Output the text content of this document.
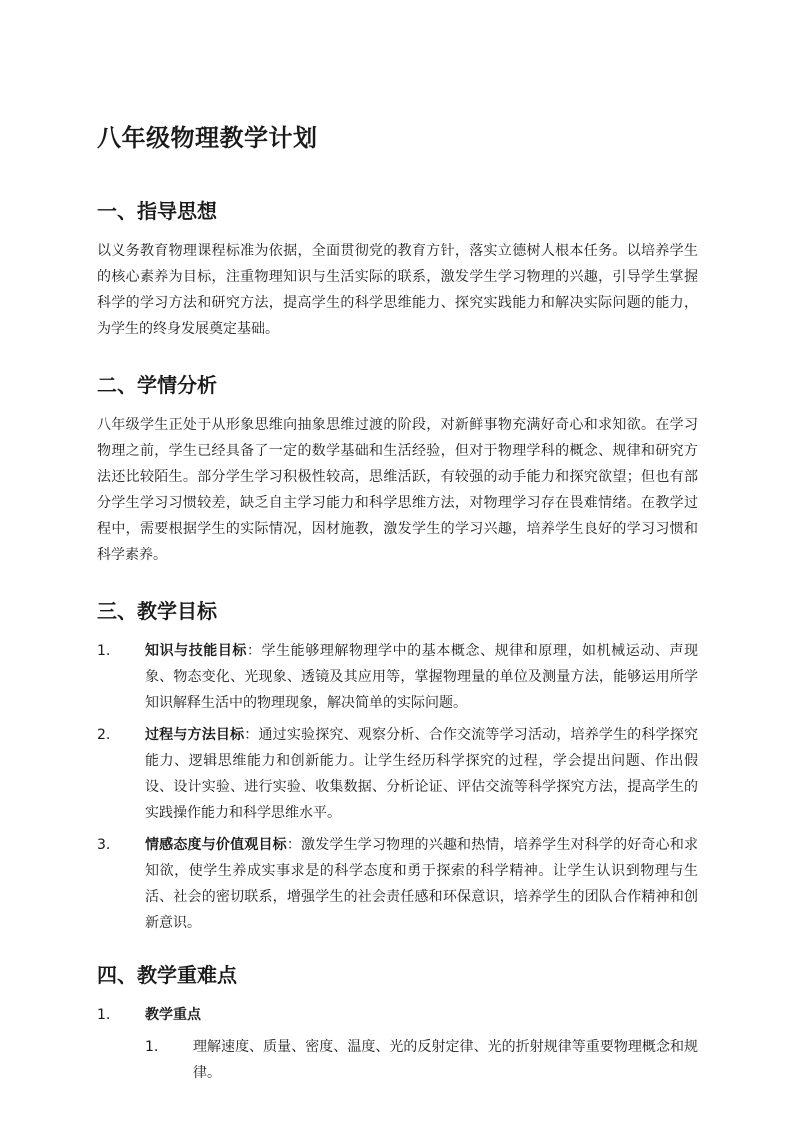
八年级物理教学计划
一、指导思想

以义务教育物理课程标准为依据，全面贯彻党的教育方针，落实立德树人根本任务。以培养学生的核心素养为目标，注重物理知识与生活实际的联系，激发学生学习物理的兴趣，引导学生掌握科学的学习方法和研究方法，提高学生的科学思维能力、探究实践能力和解决实际问题的能力，为学生的终身发展奠定基础。

二、学情分析

八年级学生正处于从形象思维向抽象思维过渡的阶段，对新鲜事物充满好奇心和求知欲。在学习物理之前，学生已经具备了一定的数学基础和生活经验，但对于物理学科的概念、规律和研究方法还比较陌生。部分学生学习积极性较高，思维活跃，有较强的动手能力和探究欲望；但也有部分学生学习习惯较差，缺乏自主学习能力和科学思维方法，对物理学习存在畏难情绪。在教学过程中，需要根据学生的实际情况，因材施教，激发学生的学习兴趣，培养学生良好的学习习惯和科学素养。

三、教学目标
1. 知识与技能目标：学生能够理解物理学中的基本概念、规律和原理，如机械运动、声现象、物态变化、光现象、透镜及其应用等，掌握物理量的单位及测量方法，能够运用所学知识解释生活中的物理现象，解决简单的实际问题。
2. 过程与方法目标：通过实验探究、观察分析、合作交流等学习活动，培养学生的科学探究能力、逻辑思维能力和创新能力。让学生经历科学探究的过程，学会提出问题、作出假设、设计实验、进行实验、收集数据、分析论证、评估交流等科学探究方法，提高学生的实践操作能力和科学思维水平。
3. 情感态度与价值观目标：激发学生学习物理的兴趣和热情，培养学生对科学的好奇心和求知欲，使学生养成实事求是的科学态度和勇于探索的科学精神。让学生认识到物理与生活、社会的密切联系，增强学生的社会责任感和环保意识，培养学生的团队合作精神和创新意识。
四、教学重难点
1. 教学重点
1. 理解速度、质量、密度、温度、光的反射定律、光的折射规律等重要物理概念和规律。
